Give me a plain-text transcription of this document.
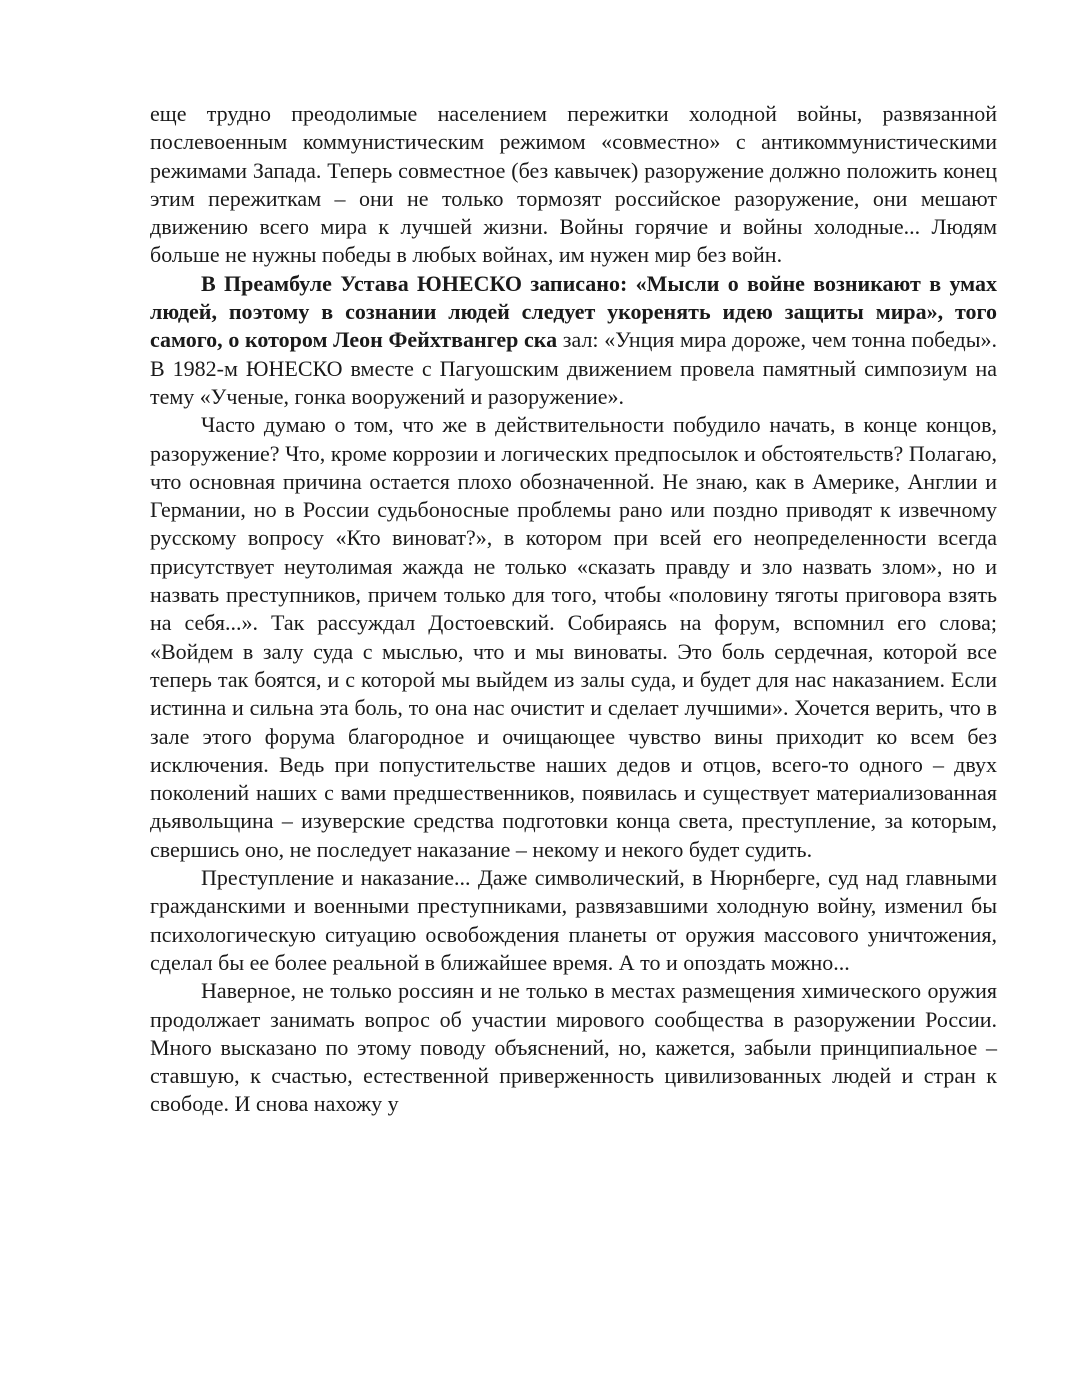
еще трудно преодолимые населением пережитки холодной войны, развязанной послевоенным коммунистическим режимом «совместно» с антикоммунистическими режимами Запада. Теперь совместное (без кавычек) разоружение должно положить конец этим пережиткам – они не только тормозят российское разоружение, они мешают движению всего мира к лучшей жизни. Войны горячие и войны холодные... Людям больше не нужны победы в любых войнах, им нужен мир без войн.

В Преамбуле Устава ЮНЕСКО записано: «Мысли о войне возникают в умах людей, поэтому в сознании людей следует укоренять идею защиты мира», того самого, о котором Леон Фейхтвангер ска зал: «Унция мира дороже, чем тонна победы». В 1982-м ЮНЕСКО вместе с Пагуошским движением провела памятный симпозиум на тему «Ученые, гонка вооружений и разоружение».

Часто думаю о том, что же в действительности побудило начать, в конце концов, разоружение? Что, кроме коррозии и логических предпосылок и обстоятельств? Полагаю, что основная причина остается плохо обозначенной. Не знаю, как в Америке, Англии и Германии, но в России судьбоносные проблемы рано или поздно приводят к извечному русскому вопросу «Кто виноват?», в котором при всей его неопределенности всегда присутствует неутолимая жажда не только «сказать правду и зло назвать злом», но и назвать преступников, причем только для того, чтобы «половину тяготы приговора взять на себя...». Так рассуждал Достоевский. Собираясь на форум, вспомнил его слова; «Войдем в залу суда с мыслью, что и мы виноваты. Это боль сердечная, которой все теперь так боятся, и с которой мы выйдем из залы суда, и будет для нас наказанием. Если истинна и сильна эта боль, то она нас очистит и сделает лучшими». Хочется верить, что в зале этого форума благородное и очищающее чувство вины приходит ко всем без исключения. Ведь при попустительстве наших дедов и отцов, всего-то одного – двух поколений наших с вами предшественников, появилась и существует материализованная дьявольщина – изуверские средства подготовки конца света, преступление, за которым, свершись оно, не последует наказание – некому и некого будет судить.

Преступление и наказание... Даже символический, в Нюрнберге, суд над главными гражданскими и военными преступниками, развязавшими холодную войну, изменил бы психологическую ситуацию освобождения планеты от оружия массового уничтожения, сделал бы ее более реальной в ближайшее время. А то и опоздать можно...

Наверное, не только россиян и не только в местах размещения химического оружия продолжает занимать вопрос об участии мирового сообщества в разоружении России. Много высказано по этому поводу объяснений, но, кажется, забыли принципиальное – ставшую, к счастью, естественной приверженность цивилизованных людей и стран к свободе. И снова нахожу у
